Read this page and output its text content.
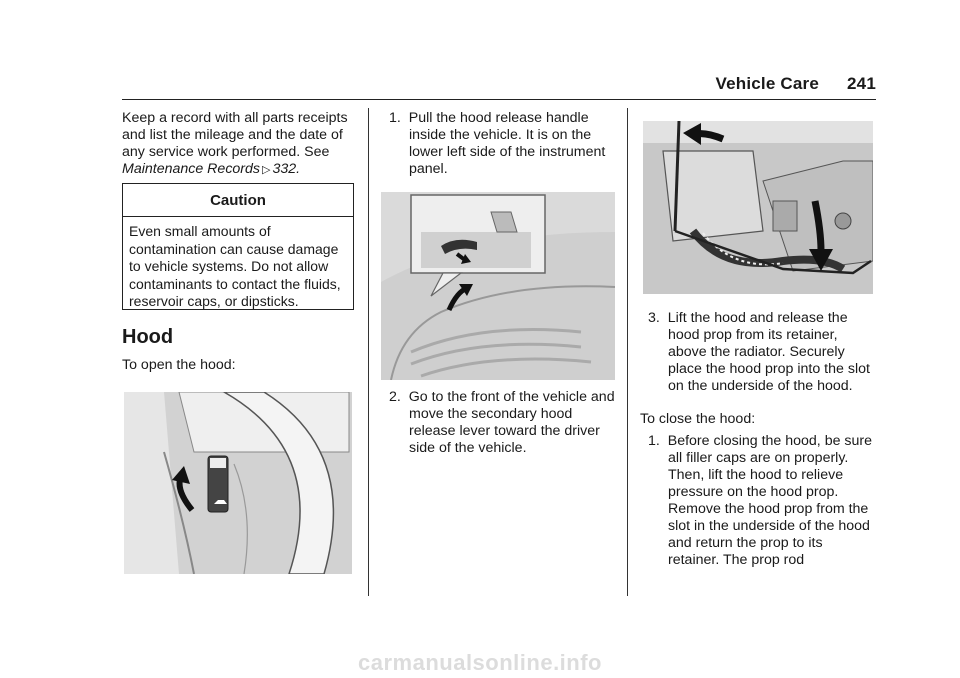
Vehicle Care 241

Keep a record with all parts receipts and list the mileage and the date of any service work performed. See Maintenance Records ▷ 332.

Caution
Even small amounts of contamination can cause damage to vehicle systems. Do not allow contaminants to contact the fluids, reservoir caps, or dipsticks.
Hood
To open the hood:

1. Pull the hood release handle inside the vehicle. It is on the lower left side of the instrument panel.

2. Go to the front of the vehicle and move the secondary hood release lever toward the driver side of the vehicle.

3. Lift the hood and release the hood prop from its retainer, above the radiator. Securely place the hood prop into the slot on the underside of the hood.

To close the hood:

1. Before closing the hood, be sure all filler caps are on properly. Then, lift the hood to relieve pressure on the hood prop. Remove the hood prop from the slot in the underside of the hood and return the prop to its retainer. The prop rod

carmanualsonline.info
